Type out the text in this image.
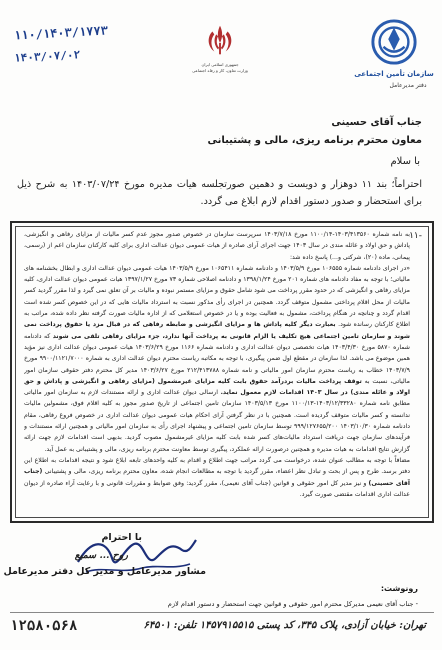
۱۱۰/۱۴۰۳/۱۷۷۳
۱۴۰۳/۰۷/۰۲	جمهوری اسلامی ایران
وزارت تعاون، کار و رفاه اجتماعی	سازمان تأمین اجتماعی
دفتر مدیرعامل
جناب آقای حسینی
معاون محترم برنامه ریزی، مالی و پشتیبانی
با سلام
احتراماً؛ بند ۱۱ دوهزار و دویست و دهمین صورتجلسه هیات مدیره مورخ ۱۴۰۳/۰۷/۲۴ به شرح ذیل برای استحضار و صدور دستور اقدام لازم ابلاغ می گردد.
۱۱-
به نامه شماره ۱۴۰۳/۴۱۳۵۶۰-۱۱۰۰/۱۴ مورخ ۱۴۰۳/۷/۱۸ سرپرست سازمان در خصوص صدور مجوز عدم کسر مالیات از مزایای رفاهی و انگیزشی، پاداش و حق اولاد و عائله مندی در سال ۱۴۰۳ جهت اجرای آرای صادره از هیات عمومی دیوان عدالت اداری برای کلیه کارکنان سازمان اعم از (رسمی، پیمانی، ماده (۲۰)، شرکتی و...) پاسخ داده شد:
«در اجرای دادنامه شماره ۱۰۶۵۵۵ مورخ ۱۴۰۳/۵/۹ و دادنامه شماره ۱۰۶۵۴۱۱ مورخ ۱۴۰۳/۵/۹ هیات عمومی دیوان عدالت اداری و ابطال بخشنامه های مالیاتی؛ با توجه به مفاد دادنامه های شماره ۲۰۱ مورخ ۱۳۹۸/۱/۲۴ و دادنامه اصلاحی شماره ۷۳ مورخ ۱۳۹۷/۱/۲۷ هیات عمومی دیوان عدالت اداری، کلیه مزایای رفاهی و انگیزشی که در حدود مقرر پرداخت می شود شامل حقوق و مزایای مستمر نبوده و مالیات بر آن تعلق نمی گیرد و لذا مقرر گردید کسر مالیات از محل اقلام پرداختی مشمول متوقف گردد. همچنین در اجرای رأی مذکور نسبت به استرداد مالیات هایی که در این خصوص کسر شده است اقدام گردد و چنانچه در هنگام پرداخت، مشمول به فعالیت بوده و یا در خصوص استعلامی که از اداره مالیات صورت گرفته نظر داده شده، مراتب به اطلاع کارکنان رسانده شود. بعبارت دیگر کلیه پاداش ها و مزایای انگیزشی و ضابطه رفاهی که در قبال مزد یا حقوق پرداخت نمی شوند و سازمان تامین اجتماعی هیچ تکلیف یا الزام قانونی به پرداخت آنها ندارد، جزء مزایای رفاهی تلقی می شوند که دادنامه شماره ۵۸۷۰ مورخ ۱۴۰۳/۴/۳۰ هیات تخصصی دیوان عدالت اداری و دادنامه شماره ۱۱۶۶ مورخ ۱۴۰۳/۶/۲۹ هیات عمومی دیوان عدالت اداری نیز مؤید همین موضوع می باشد. لذا سازمان در مقطع اول ضمن پیگیری، با توجه به مکاتبه ریاست محترم دیوان عدالت اداری به شماره ۹۹۰۰/۱۱۲۱/۷۰۰۰ مورخ ۱۴۰۳/۷/۹ خطاب به ریاست محترم سازمان امور مالیاتی و نامه شماره ۲۱۲/۴۱۳۷۸۸ مورخ ۱۴۰۳/۶/۲۷ مدیر کل محترم دفتر حقوقی سازمان امور مالیاتی، نسبت به توقف پرداخت مالیات بردرآمد حقوق بابت کلیه مزایای غیرمشمول (مزایای رفاهی و انگیزشی و پاداش و حق اولاد و عائله مندی) در سال ۱۴۰۳ اقدامات لازم معمول نماید. ارسالی دیوان عدالت اداری و ارائه مستندات لازم به سازمان امور مالیاتی مطابق نامه شماره ۱۴۰۳/۱۲/۳۳۲۸۰-۱۱۰۰/۱۳ مورخ ۱۴۰۳/۵/۱۳ سازمان تامین اجتماعی از تاریخ صدور مجوز به کلیه اقلام فوق، مشمولین مالیات ندانسته و کسر مالیات متوقف گردیده است. همچنین با در نظر گرفتن آرای احکام هیات عمومی دیوان عدالت اداری در خصوص فروغ رفاهی، مقام دادنامه شماره ۱۴۰۳/۱۰/۳۰ ۹۹۹/۱۲۷۶۵۵/۲۰۰ توسط سازمان تامین اجتماعی و پیشنهاد اجرای رأی به سازمان امور مالیاتی و همچنین ارائه مستندات و فرآیندهای سازمان جهت دریافت استرداد مالیات‌های کسر شده بابت کلیه مزایای غیرمشمول مصوب گردید. بدیهی است اقدامات لازم جهت ارائه گزارش نتایج اقدامات به هیات مدیره و همچنین درصورت ارائه عملکرد، پیگیری توسط معاونت محترم برنامه ریزی، مالی و پشتیبانی به عمل آید.
مضافاً با توجه به مطالب عنوان شده، درخواست می گردد مراتب جهت اطلاع و اقدام به کلیه واحدهای تابعه ابلاغ شود و نتیجه اقدامات به اطلاع این دفتر برسد. طرح و پس از بحث و تبادل نظر اعضاء، مقرر گردید با توجه به مطالعات انجام شده، معاون محترم برنامه ریزی، مالی و پشتیبانی (جناب آقای حسینی) و نیز مدیر کل امور حقوقی و قوانین (جناب آقای نعیمی)، مقرر گردید: وفق ضوابط و مقررات قانونی و با رعایت آراء صادره از دیوان عدالت اداری اقدامات مقتضی صورت گیرد.
با احترام
روح ... سمیع
مشاور مدیرعامل و مدیر کل دفتر مدیرعامل
رونوشت:
- جناب آقای نعیمی مدیرکل محترم امور حقوقی و قوانین جهت استحضار و دستور اقدام لازم
۱۲۵۸۰۵۶۸	تهران: خیابان آزادی، پلاک ۳۴۵، کد پستی ۱۴۵۷۹۱۵۵۱۵ تلفن: ۶۴۵۰۱
